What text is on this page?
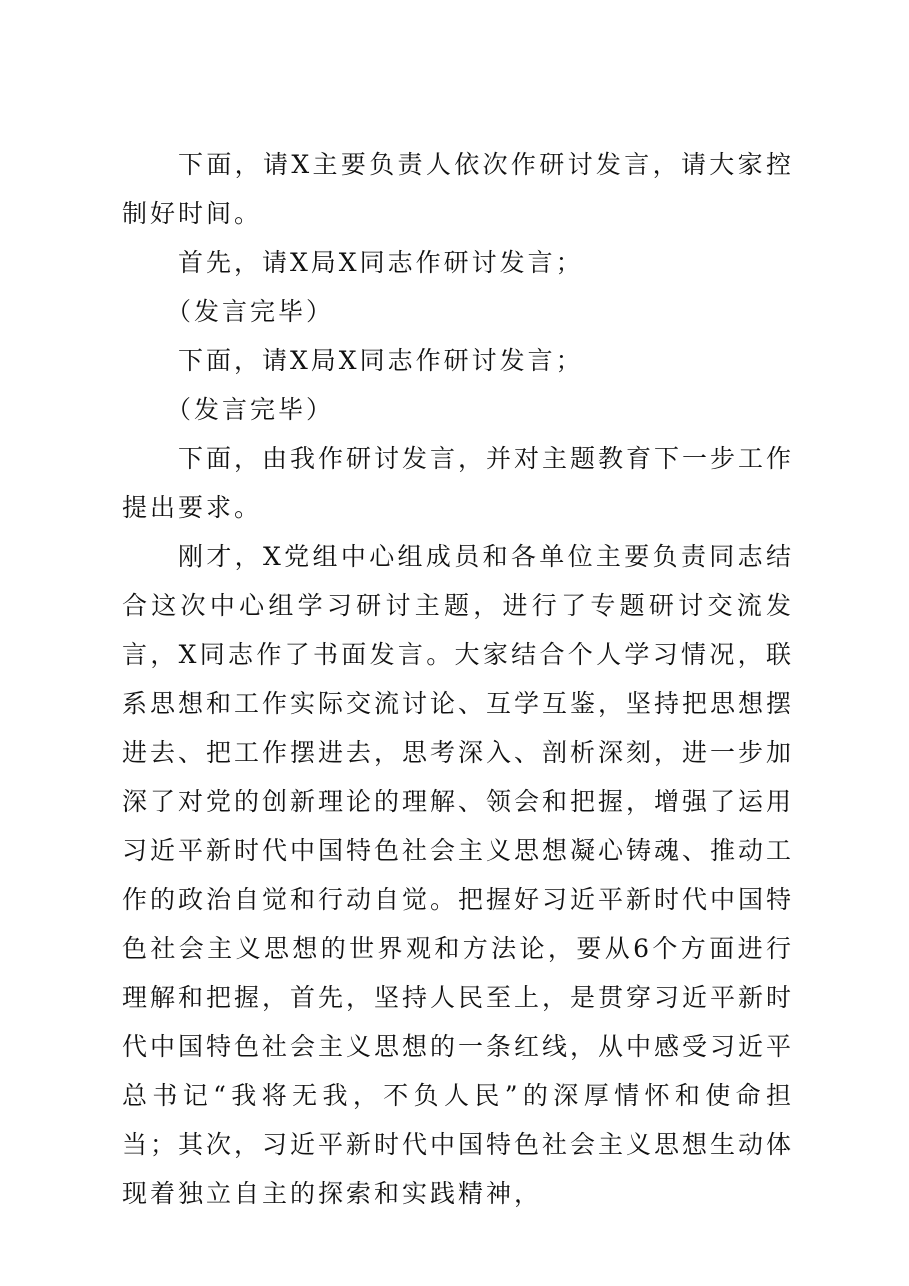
下面，请X主要负责人依次作研讨发言，请大家控制好时间。

首先，请X局X同志作研讨发言；

（发言完毕）

下面，请X局X同志作研讨发言；

（发言完毕）

下面，由我作研讨发言，并对主题教育下一步工作提出要求。

刚才，X党组中心组成员和各单位主要负责同志结合这次中心组学习研讨主题，进行了专题研讨交流发言，X同志作了书面发言。大家结合个人学习情况，联系思想和工作实际交流讨论、互学互鉴，坚持把思想摆进去、把工作摆进去，思考深入、剖析深刻，进一步加深了对党的创新理论的理解、领会和把握，增强了运用习近平新时代中国特色社会主义思想凝心铸魂、推动工作的政治自觉和行动自觉。把握好习近平新时代中国特色社会主义思想的世界观和方法论，要从6个方面进行理解和把握，首先，坚持人民至上，是贯穿习近平新时代中国特色社会主义思想的一条红线，从中感受习近平总书记“我将无我，不负人民”的深厚情怀和使命担当；其次，习近平新时代中国特色社会主义思想生动体现着独立自主的探索和实践精神，
